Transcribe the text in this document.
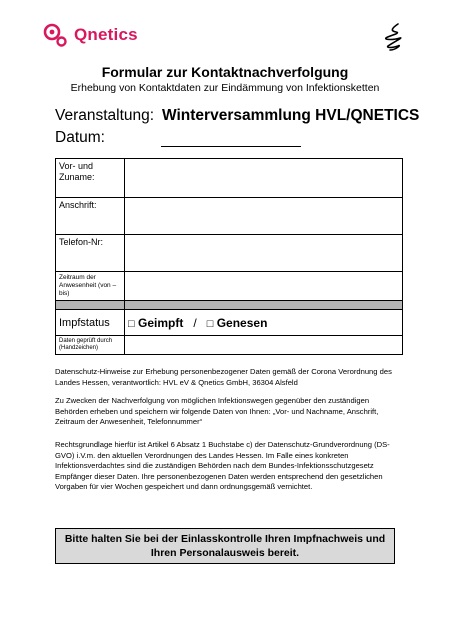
Qnetics
Formular zur Kontaktnachverfolgung
Erhebung von Kontaktdaten zur Eindämmung von Infektionsketten
Veranstaltung: Winterversammlung HVL/QNETICS
Datum:
Vor- und Zuname:	
Anschrift:	
Telefon-Nr:	
Zeitraum der Anwesenheit (von – bis)	

Impfstatus	□ Geimpft / □ Genesen
Daten geprüft durch (Handzeichen)	
Datenschutz-Hinweise zur Erhebung personenbezogener Daten gemäß der Corona Verordnung des Landes Hessen, verantwortlich: HVL eV & Qnetics GmbH, 36304 Alsfeld
Zu Zwecken der Nachverfolgung von möglichen Infektionswegen gegenüber den zuständigen Behörden erheben und speichern wir folgende Daten von Ihnen: „Vor- und Nachname, Anschrift, Zeitraum der Anwesenheit, Telefonnummer“
Rechtsgrundlage hierfür ist Artikel 6 Absatz 1 Buchstabe c) der Datenschutz-Grundverordnung (DS-GVO) i.V.m. den aktuellen Verordnungen des Landes Hessen. Im Falle eines konkreten Infektionsverdachtes sind die zuständigen Behörden nach dem Bundes-Infektionsschutzgesetz Empfänger dieser Daten. Ihre personenbezogenen Daten werden entsprechend den gesetzlichen Vorgaben für vier Wochen gespeichert und dann ordnungsgemäß vernichtet.
Bitte halten Sie bei der Einlasskontrolle Ihren Impfnachweis und
Ihren Personalausweis bereit.
